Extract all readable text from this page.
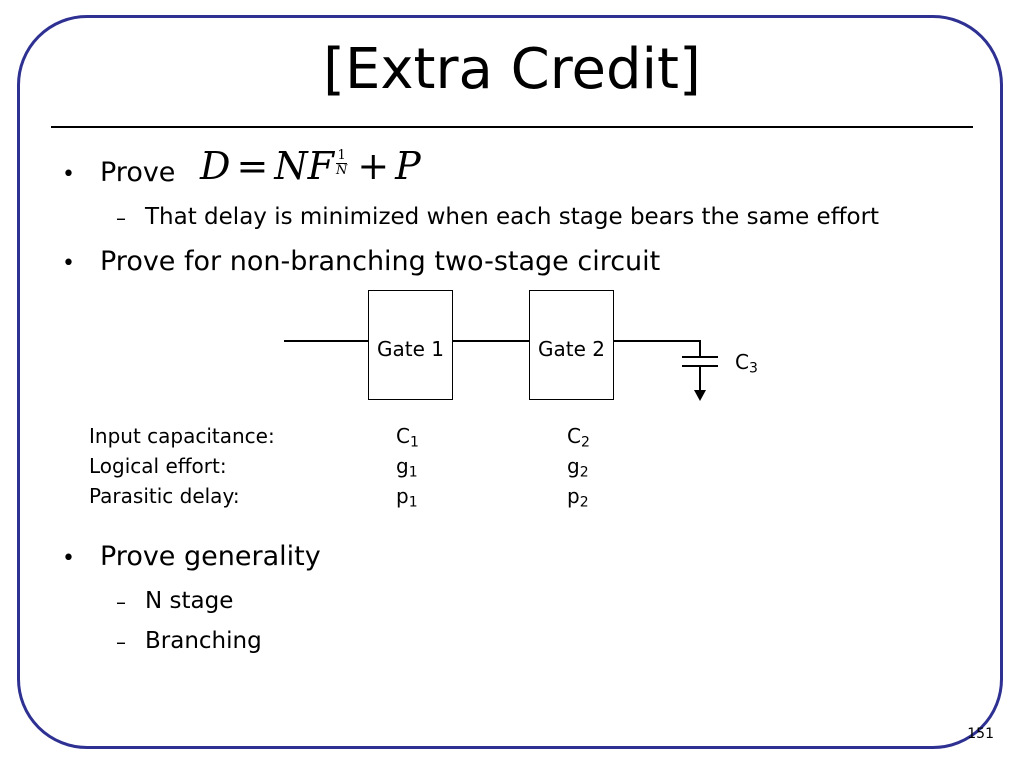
[Extra Credit]
• Prove D = NF $\frac{1}{N} + P$
– That delay is minimized when each stage bears the same effort
• Prove for non-branching two-stage circuit
Gate 1	Gate 2
$C_3$
Input capacitance:	$C_1$	$C_2$
Logical effort:	$g_1$	$g_2$
Parasitic delay:	$p_1$	$p_2$
• Prove generality
– N stage
– Branching
151
